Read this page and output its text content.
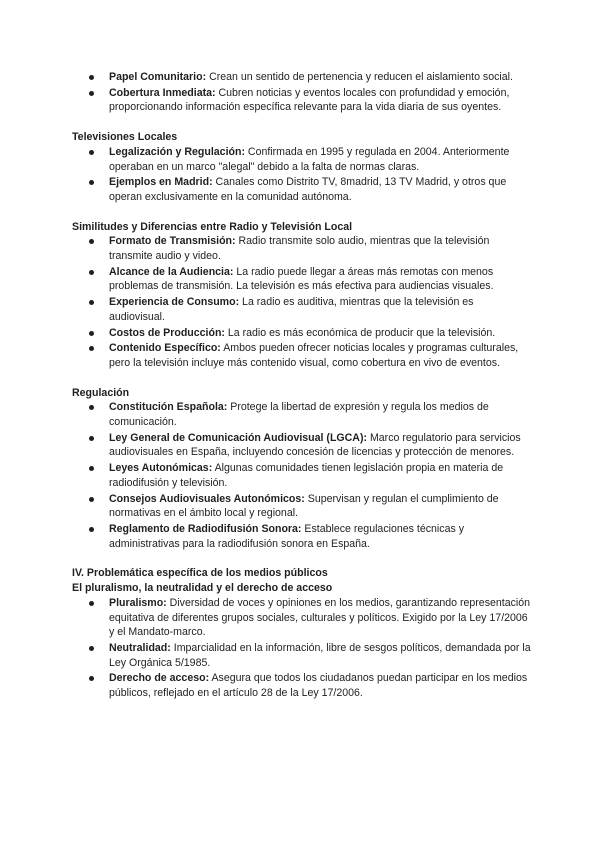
Papel Comunitario: Crean un sentido de pertenencia y reducen el aislamiento social.
Cobertura Inmediata: Cubren noticias y eventos locales con profundidad y emoción, proporcionando información específica relevante para la vida diaria de sus oyentes.

Televisiones Locales

Legalización y Regulación: Confirmada en 1995 y regulada en 2004. Anteriormente operaban en un marco "alegal" debido a la falta de normas claras.
Ejemplos en Madrid: Canales como Distrito TV, 8madrid, 13 TV Madrid, y otros que operan exclusivamente en la comunidad autónoma.

Similitudes y Diferencias entre Radio y Televisión Local

Formato de Transmisión: Radio transmite solo audio, mientras que la televisión transmite audio y video.
Alcance de la Audiencia: La radio puede llegar a áreas más remotas con menos problemas de transmisión. La televisión es más efectiva para audiencias visuales.
Experiencia de Consumo: La radio es auditiva, mientras que la televisión es audiovisual.
Costos de Producción: La radio es más económica de producir que la televisión.
Contenido Específico: Ambos pueden ofrecer noticias locales y programas culturales, pero la televisión incluye más contenido visual, como cobertura en vivo de eventos.

Regulación

Constitución Española: Protege la libertad de expresión y regula los medios de comunicación.
Ley General de Comunicación Audiovisual (LGCA): Marco regulatorio para servicios audiovisuales en España, incluyendo concesión de licencias y protección de menores.
Leyes Autonómicas: Algunas comunidades tienen legislación propia en materia de radiodifusión y televisión.
Consejos Audiovisuales Autonómicos: Supervisan y regulan el cumplimiento de normativas en el ámbito local y regional.
Reglamento de Radiodifusión Sonora: Establece regulaciones técnicas y administrativas para la radiodifusión sonora en España.

IV. Problemática específica de los medios públicos

El pluralismo, la neutralidad y el derecho de acceso

Pluralismo: Diversidad de voces y opiniones en los medios, garantizando representación equitativa de diferentes grupos sociales, culturales y políticos. Exigido por la Ley 17/2006 y el Mandato-marco.
Neutralidad: Imparcialidad en la información, libre de sesgos políticos, demandada por la Ley Orgánica 5/1985.
Derecho de acceso: Asegura que todos los ciudadanos puedan participar en los medios públicos, reflejado en el artículo 28 de la Ley 17/2006.
